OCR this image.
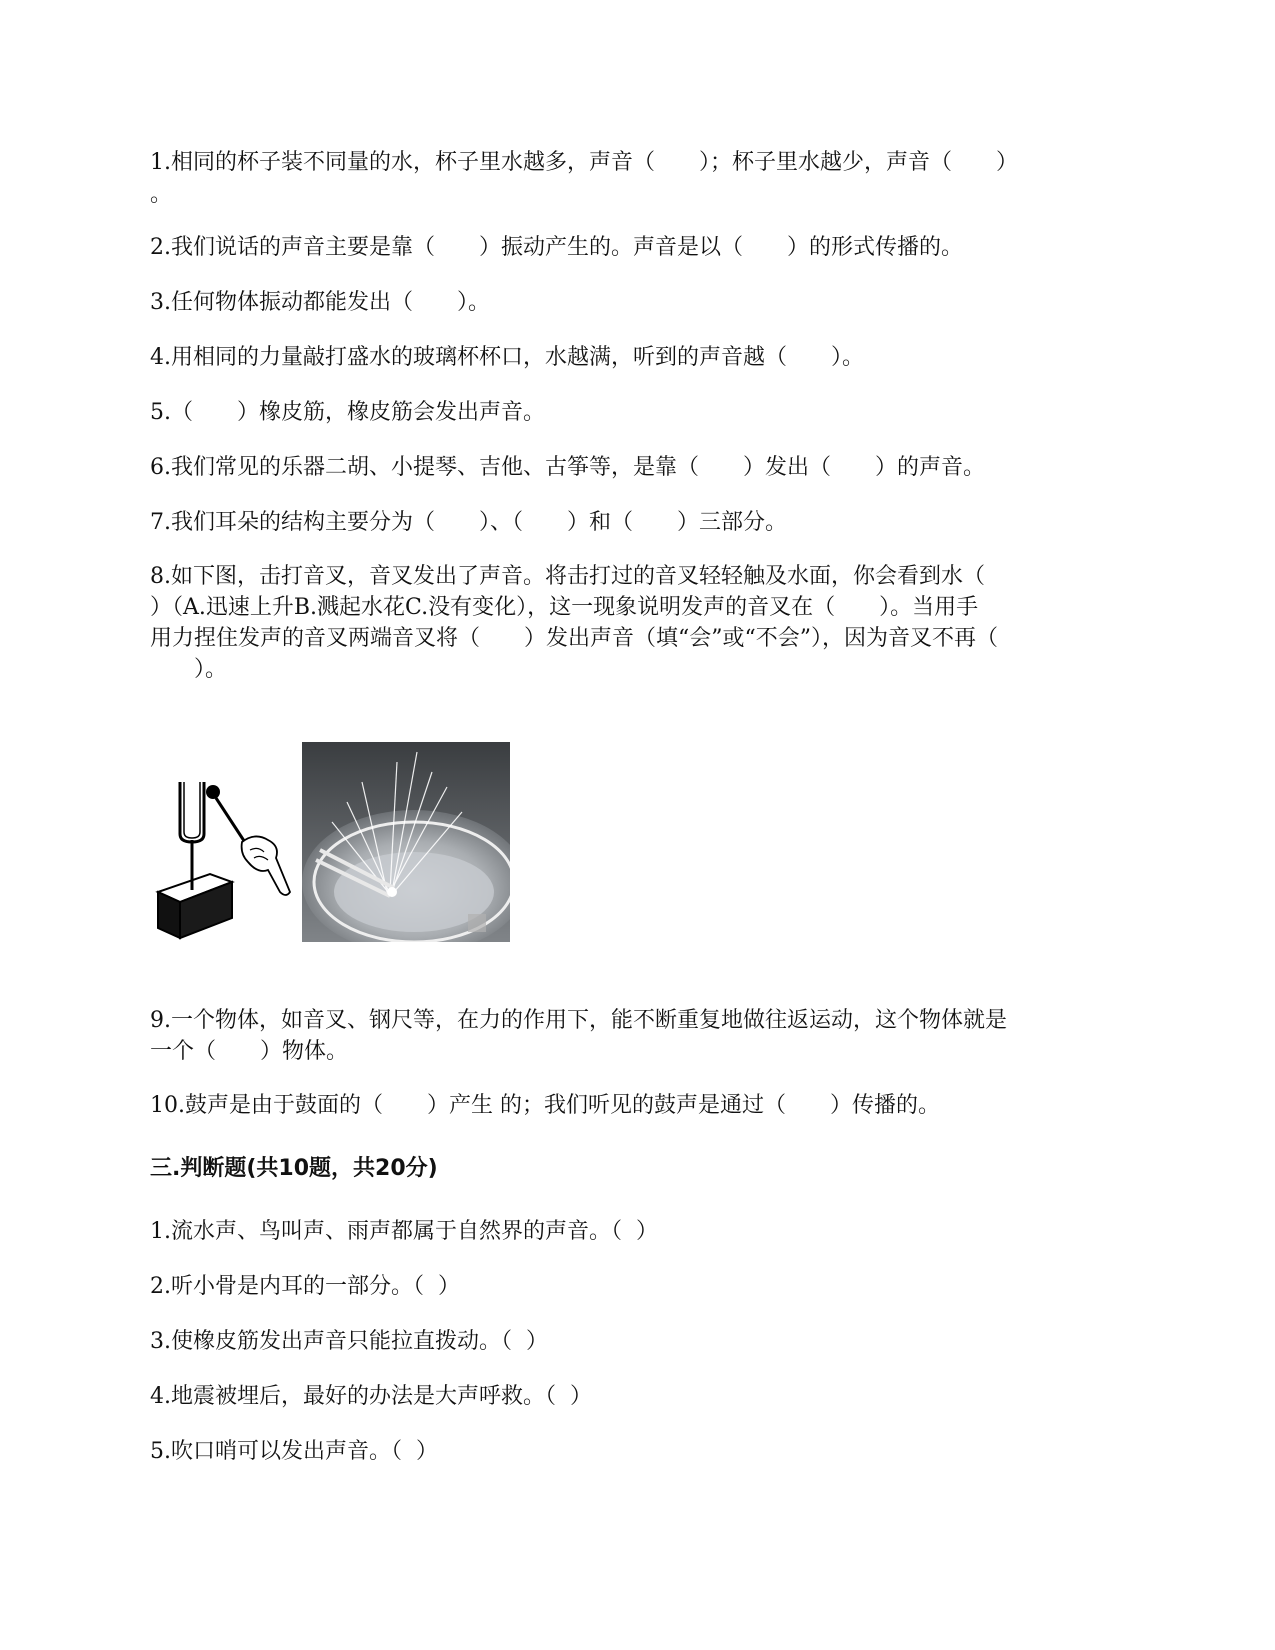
1.相同的杯子装不同量的水，杯子里水越多，声音（　　）；杯子里水越少，声音（　　）
。
2.我们说话的声音主要是靠（　　）振动产生的。声音是以（　　）的形式传播的。
3.任何物体振动都能发出（　　）。
4.用相同的力量敲打盛水的玻璃杯杯口，水越满，听到的声音越（　　）。
5.（　　）橡皮筋，橡皮筋会发出声音。
6.我们常见的乐器二胡、小提琴、吉他、古筝等，是靠（　　）发出（　　）的声音。
7.我们耳朵的结构主要分为（　　）、（　　）和（　　）三部分。
8.如下图，击打音叉，音叉发出了声音。将击打过的音叉轻轻触及水面，你会看到水（
）（A.迅速上升B.溅起水花C.没有变化），这一现象说明发声的音叉在（　　）。当用手
用力捏住发声的音叉两端音叉将（　　）发出声音（填“会”或“不会”），因为音叉不再（
　　）。
9.一个物体，如音叉、钢尺等，在力的作用下，能不断重复地做往返运动，这个物体就是
一个（　　）物体。
10.鼓声是由于鼓面的（　　）产生 的；我们听见的鼓声是通过（　　）传播的。
三.判断题(共10题，共20分)
1.流水声、鸟叫声、雨声都属于自然界的声音。（  ）
2.听小骨是内耳的一部分。（  ）
3.使橡皮筋发出声音只能拉直拨动。（  ）
4.地震被埋后，最好的办法是大声呼救。（  ）
5.吹口哨可以发出声音。（  ）
